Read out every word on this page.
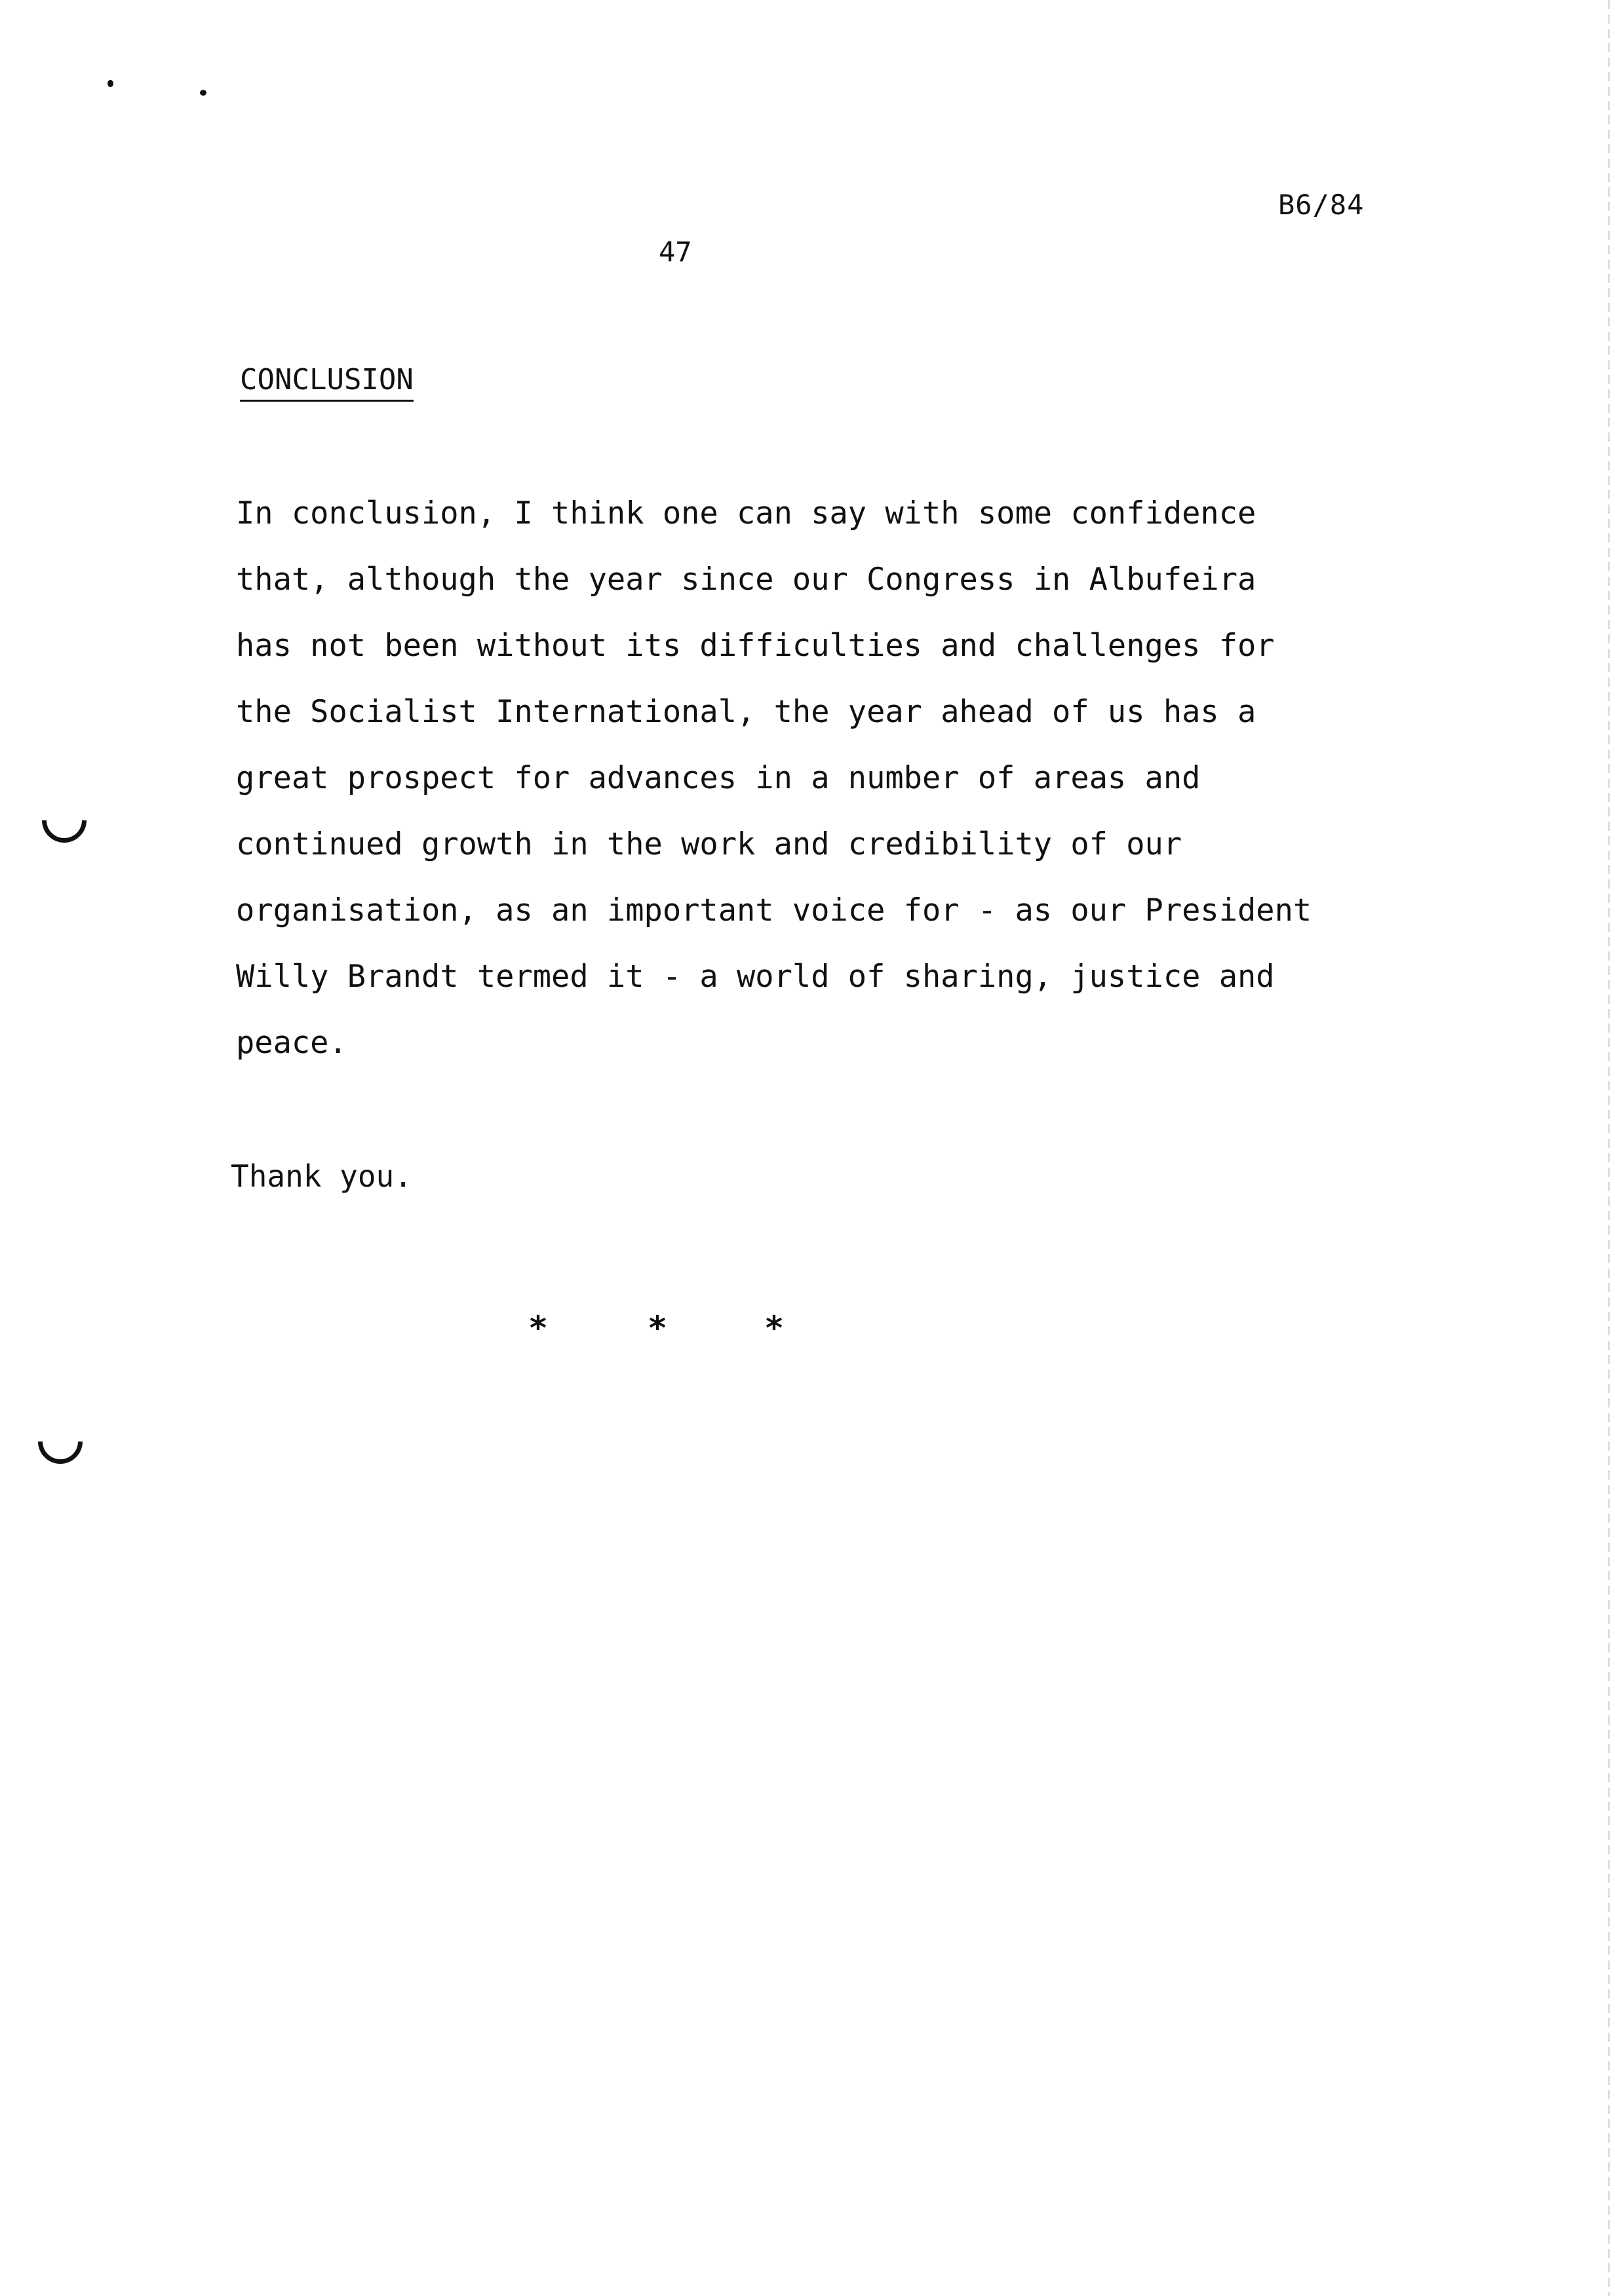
B6/84
47
CONCLUSION
In conclusion, I think one can say with some confidence
that, although the year since our Congress in Albufeira
has not been without its difficulties and challenges for
the Socialist International, the year ahead of us has a
great prospect for advances in a number of areas and
continued growth in the work and credibility of our
organisation, as an important voice for - as our President
Willy Brandt termed it - a world of sharing, justice and
peace.
Thank you.
*	*	*
